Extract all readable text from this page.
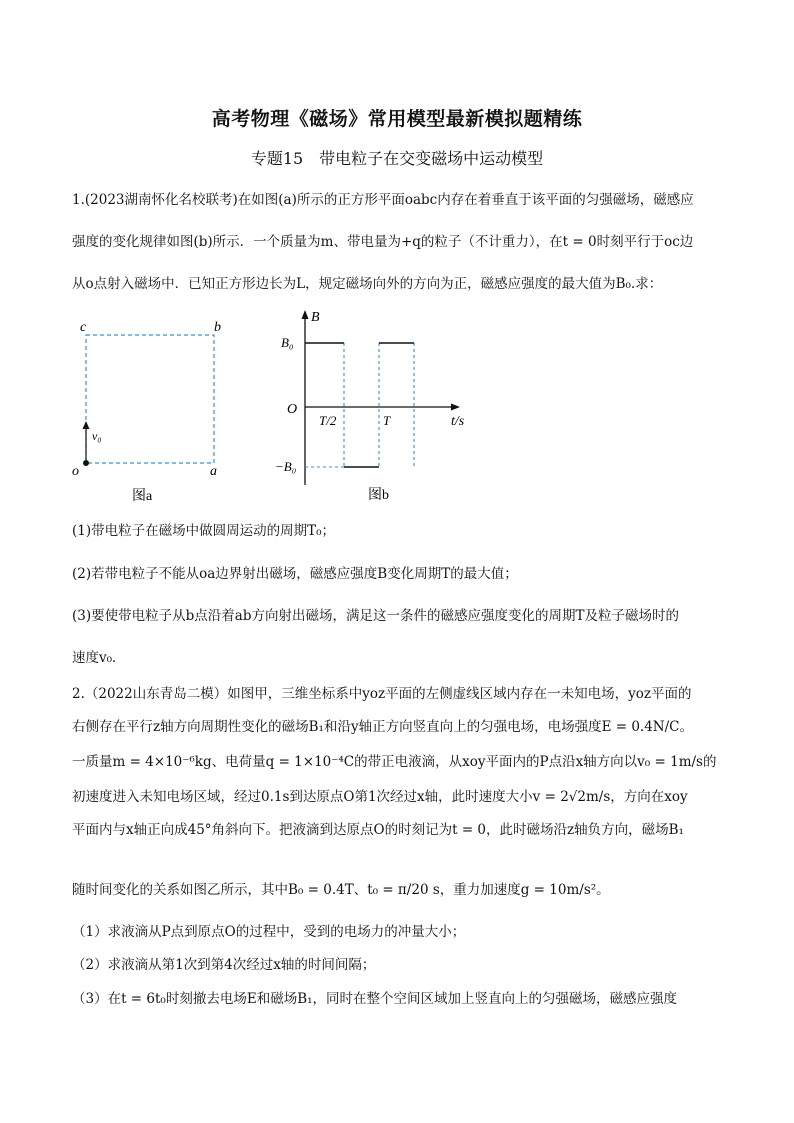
高考物理《磁场》常用模型最新模拟题精练
专题15　带电粒子在交变磁场中运动模型
1.(2023湖南怀化名校联考)在如图(a)所示的正方形平面oabc内存在着垂直于该平面的匀强磁场，磁感应
强度的变化规律如图(b)所示．一个质量为m、带电量为+q的粒子（不计重力），在t = 0时刻平行于oc边
从o点射入磁场中．已知正方形边长为L，规定磁场向外的方向为正，磁感应强度的最大值为B₀.求：
c	b
o	a
v₀
图a
B
B₀
−B₀
O
T/2	T	t/s
图b
(1)带电粒子在磁场中做圆周运动的周期T₀；
(2)若带电粒子不能从oa边界射出磁场，磁感应强度B变化周期T的最大值；
(3)要使带电粒子从b点沿着ab方向射出磁场，满足这一条件的磁感应强度变化的周期T及粒子磁场时的
速度v₀．
2.（2022山东青岛二模）如图甲，三维坐标系中yoz平面的左侧虚线区域内存在一未知电场，yoz平面的
右侧存在平行z轴方向周期性变化的磁场B₁和沿y轴正方向竖直向上的匀强电场，电场强度E = 0.4N/C。
一质量m = 4×10⁻⁶kg、电荷量q = 1×10⁻⁴C的带正电液滴，从xoy平面内的P点沿x轴方向以v₀ = 1m/s的
初速度进入未知电场区域，经过0.1s到达原点O第1次经过x轴，此时速度大小v = 2√2m/s，方向在xoy
平面内与x轴正向成45°角斜向下。把液滴到达原点O的时刻记为t = 0，此时磁场沿z轴负方向，磁场B₁
随时间变化的关系如图乙所示，其中B₀ = 0.4T、t₀ = π/20 s，重力加速度g = 10m/s²。
（1）求液滴从P点到原点O的过程中，受到的电场力的冲量大小；
（2）求液滴从第1次到第4次经过x轴的时间间隔；
（3）在t = 6t₀时刻撤去电场E和磁场B₁，同时在整个空间区域加上竖直向上的匀强磁场，磁感应强度
